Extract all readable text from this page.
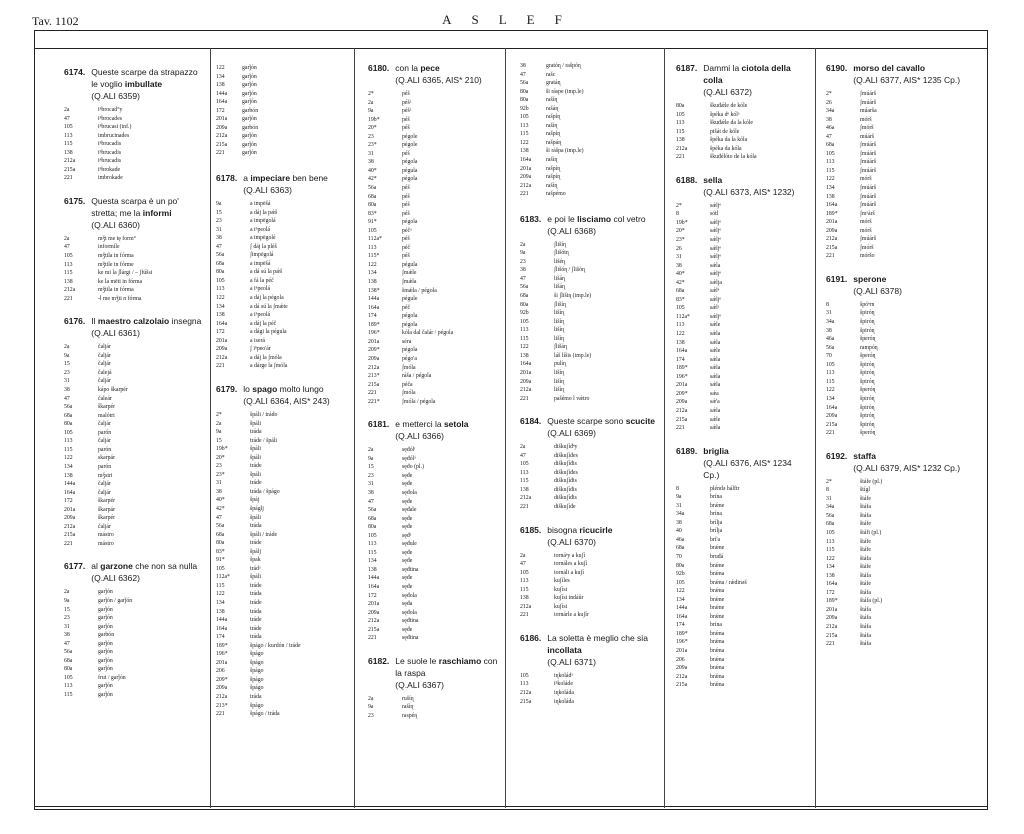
Tav. 1102	ASLEF
6174. Queste scarpe da strapazzo le voglio imbullate
(Q.ALI 6359)
2a	iⁿbrocad°y
47	iⁿbrocades
105	iⁿbrucasi (inf.)
113	imbrucinades
115	iⁿbrucadis
138	iⁿbrucadis
212a	iⁿbrucadis
215a	iⁿbrokade
221	imbrokade
6175. Questa scarpa è un po' stretta; me la informi
(Q.ALI 6360)
2a	mǯt me tę form°
47	informíle
105	mǯtila in fórma
113	mǯtile in fórme
115	ke mi la ʃlárgi / – ʃfúšsi
138	ke la mēti in fórma
212a	mǯtila in fórma
221	-l me mǯti n fórma
6176. Il maestro calzolaio insegna
(Q.ALI 6361)
2a	čaljár
9a	čaljár
15	čaljár
23	čalejá
31	čaljár
38	kápo škarpér
47	čaleár
56a	škarpér
68a	malótri
80a	čaljár
105	parón
113	čaljár
115	parón
122	skarpár
134	parón
138	mǯstri
144a	čaljár
164a	čaljár
172	škarpér
201a	škarpár
209a	škarpér
212a	čaljár
215a	mástro
221	mástro
6177. al garzone che non sa nulla
(Q.ALI 6362)
2a	garǰón
9a	garǰón / garǰón
15	garǰón
23	garǰón
31	garǰón
38	garbón
47	garǰón
56a	garǰón
68a	garǰón
80a	garǰón
105	frut / garǰón
113	garǰón
115	garǰón
122	garǰón
134	garǰón
138	garǰón
144a	garǰón
164a	garǰón
172	garbón
201a	garǰón
209a	garbón
212a	garǰón
215a	garǰón
221	garǰón
6178. a impeciare ben bene
(Q.ALI 6363)
9a	a impēšá
15	a dáj la pǽš
23	a impēgolá
31	a iⁿpeolá
38	a impēgolé
47	ʃ dáj la pléš
56a	ʃimpēgolá
68a	a impēšá
80a	a dá sú la pǽš
105	a fá la péč
113	a iⁿpeolá
122	a dáj la pégola
134	a dá sú la ʃmǽte
138	a iⁿpeolá
164a	a dáj la péč
172	a dági la pégula
201a	a iserá
209a	ʃ iⁿpeo'ár
212a	a dáj la ʃmóla
221	a dárge la ʃmóla
6179. lo spago molto lungo
(Q.ALI 6364, AIS* 243)
2*	špáli / trádo
2a	špáli
9a	tráda
15	tráde / špáli
19b*	špáli
20*	špáli
23	tráde
23*	špáli
31	tráde
38	tráda / špágo
40*	špáj
42*	špáglj
47	špáli
56a	tráda
68a	špáli / tráde
80a	tráde
83*	špálj
91*	špak
105	trádᵃ
112a*	špáli
115	tráde
122	tráda
134	tráde
138	tráda
144a	tráde
164a	tráde
174	tráda
189*	špágo / kurdón / tráde
196*	špágo
201a	špágo
206	špágo
209*	špágo
209a	špágo
212a	tráda
213*	špágo
221	špágo / tráda
6180. con la pece
(Q.ALI 6365, AIS* 210)
2*	péš
2a	péšᵃ
9a	péšᵃ
19b*	péš
20*	péš
23	pégole
23*	pégole
31	péš
38	pégola
40*	pégula
42*	pégola
56a	péš
68a	péš
80a	péš
83*	péš
91*	pégola
105	péčᵃ
112a*	péš
113	péč
115*	péš
122	pégula
134	ʃmǽle
138	ʃmǽla
138*	šmǽla / pégola
144a	pégule
164a	péč
174	pégola
189*	pégola
196*	kóla dal čalár / pégola
201a	séra
209*	pégola
209a	pégo'a
212a	ʃmóla
213*	ráša / pégola
215a	péča
221	ʃmóla
221*	ʃmóla / pégola
6181. e metterci la setola
(Q.ALI 6366)
2a	sęđólᵗ
9a	sęđólᵃ
15	sęđo (pl.)
23	sęđe
31	sęđe
38	sęđola
47	sęđe
56a	sęđale
68a	sęđe
80a	sęđe
105	sęđᵃ
113	sęđule
115	sęđe
134	sęđe
138	sęđtina
144a	sęđe
164a	sęđe
172	sęđola
201a	sęđa
209a	sęđola
212a	sęđtina
215a	sęđe
221	sęđtina
6182. Le suole le raschiamo con la raspa
(Q.ALI 6367)
2a	rušíɳ
9a	rašíɳ
23	raspéɳ
38	gratóɳ / rašpóɳ
47	rašc
56a	gratáɳ
80a	ši ráspe (imp.le)
80a	rašíɳ
92b	rašáɳ
105	rašpíɳ
113	rašíɳ
115	rašpíɳ
122	rašpáɳ
138	ši rášpa (imp.le)
164a	rašíɳ
201a	rašpíɳ
209a	rašpíɳ
212a	rašíɳ
221	rašpémo
6183. e poi le lisciamo col vetro
(Q.ALI 6368)
2a	ʃlišíɳ
9a	ʃlišótɳ
23	lišéɳ
38	ʃlišóɳ / ʃlišóɳ
47	lišáɳ
56a	lišáɳ
68a	ši ʃlišiɳ (imp.le)
80a	ʃlišíɳ
92b	lišíɳ
105	lišíɳ
113	lišíɳ
115	lišíɳ
122	ʃlišáɳ
138	láš líšis (imp.le)
164a	pulíɳ
201a	lišíɳ
209a	lišíɳ
212a	lišíɳ
221	pašémo l vǽtro
6184. Queste scarpe sono scucite
(Q.ALI 6369)
2a	diškuʃíđᵉy
47	diškuʃíđes
105	diškuʃíđis
113	diškuʃíđes
115	diškuʃíđis
138	diškuʃíđis
212a	diškuʃíđis
221	diškuʃíđe
6185. bisogna ricucirle
(Q.ALI 6370)
2a	tornáᵉy a kuʃí
47	tornáles a kuʃí
105	tornáli a kuʃí
113	kuʃíles
115	kuʃísi
138	kuʃísi indáûr
212a	kuʃísi
221	tornárle a kuʃír
6186. La soletta è meglio che sia incollata
(Q.ALI 6371)
105	iɳkoládᵃ
113	iⁿkoláde
212a	iɳkoláda
215a	iɳkoláda
6187. Dammi la ciotola della colla
(Q.ALI 6372)
80a	škuđǽle de kóle
105	špéka dᵉ kólᵃ
113	škuđǽle da la kóle
115	pišát de kóle
138	špéka da la kóla
212a	špéka da kóla
221	škuđélóto de la kóla
6188. sella
(Q.ALI 6373, AIS* 1232)
2*	sǽljᵉ
8	sótl
19b*	sǽljᵉ
20*	sǽljᵉ
23*	sǽljᵉ
26	sǽljᵉ
31	sǽljᵉ
38	sǽla
40*	sǽljᵉ
42*	sǽlja
68a	sǽlᵉ
83*	sǽljᵉ
105	sǽlᵃ
112a*	sǽljᵉ
113	sǽle
122	sǽla
138	sǽla
164a	sǽle
174	sǽla
189*	sǽla
196*	sǽla
201a	sǽla
209*	sǽa
209a	sǽ'a
212a	sǽla
215a	sǽle
221	sǽla
6189. briglia
(Q.ALI 6376, AIS* 1234 Cp.)
8	pléndə hálftr
9a	brína
31	brǽne
34a	brína
38	brílja
40	brílja
46a	brí'a
68a	brǽne
70	bruđá
80a	brǽne
92b	brǽna
105	brǽna / rǽdinəš
122	brǽna
134	brǽne
144a	brǽne
164a	brǽne
174	brína
189*	brǽna
196*	brǽna
201a	brǽna
206	brǽna
209a	brǽna
212a	brǽna
215a	brǽna
6190. morso del cavallo
(Q.ALI 6377, AIS* 1235 Cp.)
2*	ʃmúárš
26	ʃmúárš
34a	múarša
38	mórš
46a	ʃmórš
47	múárš
68a	ʃmúárš
105	ʃmúárš
113	ʃmúárš
115	ʃmúárš
122	mórš
134	ʃmúárš
138	ʃmúárš
164a	ʃmúárš
189*	ʃmᵃárš
201a	mórš
209a	mórš
212a	ʃmúárš
215a	ʃmórš
221	móršo
6191. sperone
(Q.ALI 6378)
8	špóᵉrn
31	špiróɳ
34a	špiróɳ
38	špiróɳ
46a	šperóɳ
56a	rampóɳ
70	šperóɳ
105	špiróɳ
113	špiróɳ
115	špiróɳ
122	šperóɳ
134	špiróɳ
164a	špiróɳ
209a	špiróɳ
215a	špiróɳ
221	šperóɳ
6192. staffa
(Q.ALI 6379, AIS* 1232 Cp.)
2*	štáfe (pl.)
8	štígl
31	štáfe
34a	štáfa
56a	štáfa
68a	štáfe
105	štáfi (pl.)
113	štáfe
115	štáfe
122	štáfa
134	štáfe
138	štáfa
164a	štáfe
172	štáfa
189*	štáfa (pl.)
201a	štáfa
209a	štáfa
212a	štáfa
215a	štáfa
221	štáfa
